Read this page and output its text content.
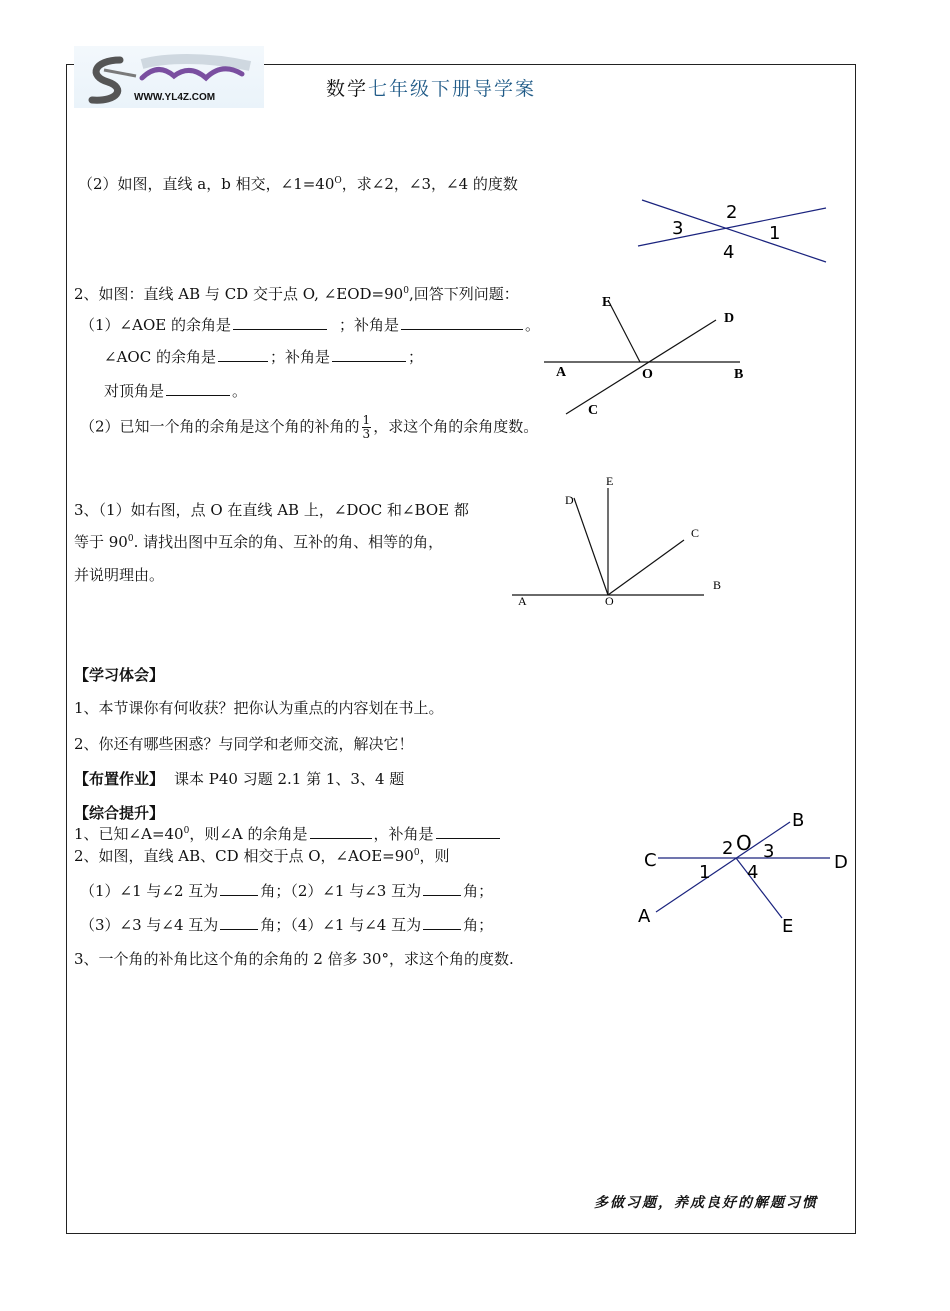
WWW.YL4Z.COM	数学七年级下册导学案
（2）如图，直线 a，b 相交，$\angle 1=40^O$，求∠2，∠3，∠4 的度数
3
2
4
1
2、如图：直线 AB 与 CD 交于点 O, $\angle EOD=90^0$,回答下列问题：
（1）∠AOE 的余角是	；补角是	。
∠AOC 的余角是	；补角是	；
对顶角是	。
（2）已知一个角的余角是这个角的补角的 $\frac{1}{3}$ ，求这个角的余角度数。
E
D
A	O	B
C
3、（1）如右图，点 O 在直线 AB 上，∠DOC 和∠BOE 都
等于 $90^0$. 请找出图中互余的角、互补的角、相等的角，
并说明理由。
E
D
C
B
A	O
【学习体会】
1、本节课你有何收获？把你认为重点的内容划在书上。
2、你还有哪些困惑？与同学和老师交流，解决它！
【布置作业】 课本 P40 习题 2.1 第 1、3、4 题
【综合提升】
1、已知$\angle A=40^0$，则∠A 的余角是	，补角是
2、如图，直线 AB、CD 相交于点 O，$\angle AOE=90^0$，则
（1）∠1 与∠2 互为	角；（2）∠1 与∠3 互为	角；
（3）∠3 与∠4 互为	角；（4）∠1 与∠4 互为	角；
3、一个角的补角比这个角的余角的 2 倍多 30°，求这个角的度数.
B
O
2 3
C	D
1 4
A	E
多做习题，养成良好的解题习惯
